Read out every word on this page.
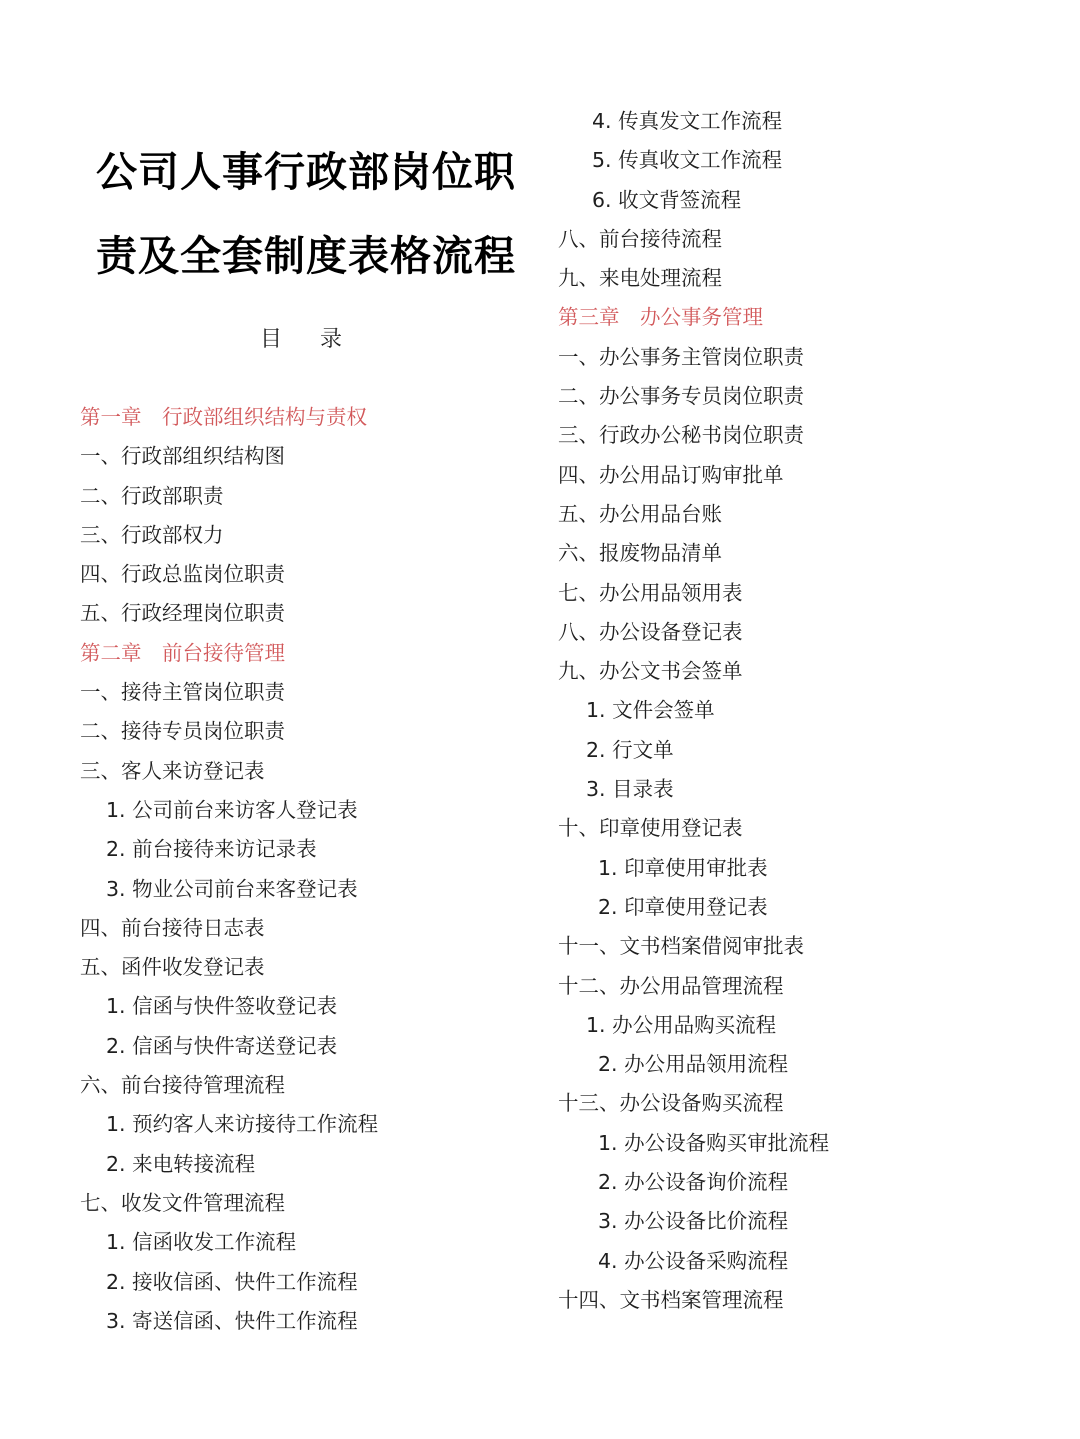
公司人事行政部岗位职
责及全套制度表格流程
目录
第一章　行政部组织结构与责权
一、行政部组织结构图
二、行政部职责
三、行政部权力
四、行政总监岗位职责
五、行政经理岗位职责
第二章　前台接待管理
一、接待主管岗位职责
二、接待专员岗位职责
三、客人来访登记表
1. 公司前台来访客人登记表
2. 前台接待来访记录表
3. 物业公司前台来客登记表
四、前台接待日志表
五、函件收发登记表
1. 信函与快件签收登记表
2. 信函与快件寄送登记表
六、前台接待管理流程
1. 预约客人来访接待工作流程
2. 来电转接流程
七、收发文件管理流程
1. 信函收发工作流程
2. 接收信函、快件工作流程
3. 寄送信函、快件工作流程
4. 传真发文工作流程
5. 传真收文工作流程
6. 收文背签流程
八、前台接待流程
九、来电处理流程
第三章　办公事务管理
一、办公事务主管岗位职责
二、办公事务专员岗位职责
三、行政办公秘书岗位职责
四、办公用品订购审批单
五、办公用品台账
六、报废物品清单
七、办公用品领用表
八、办公设备登记表
九、办公文书会签单
1. 文件会签单
2. 行文单
3. 目录表
十、印章使用登记表
1. 印章使用审批表
2. 印章使用登记表
十一、文书档案借阅审批表
十二、办公用品管理流程
1. 办公用品购买流程
2. 办公用品领用流程
十三、办公设备购买流程
1. 办公设备购买审批流程
2. 办公设备询价流程
3. 办公设备比价流程
4. 办公设备采购流程
十四、文书档案管理流程
